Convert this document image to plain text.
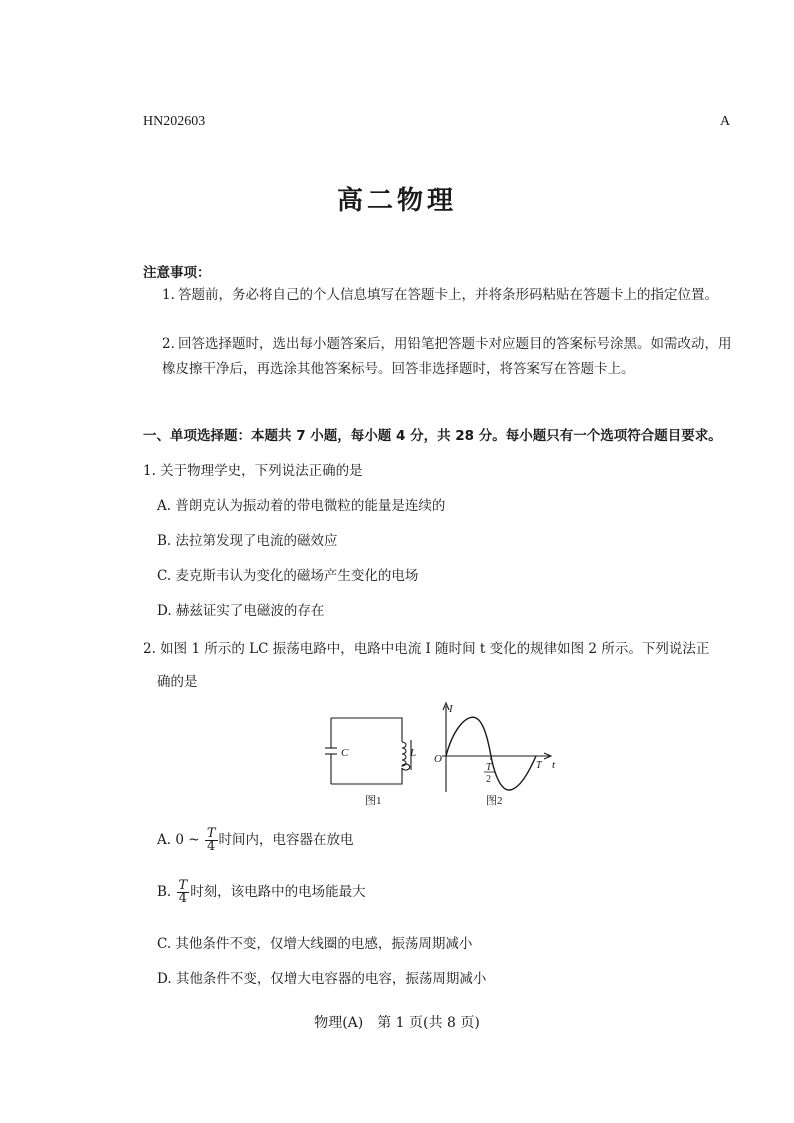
HN202603	A
高二物理
注意事项：
1. 答题前，务必将自己的个人信息填写在答题卡上，并将条形码粘贴在答题卡上的指定位置。
2. 回答选择题时，选出每小题答案后，用铅笔把答题卡对应题目的答案标号涂黑。如需改动，用橡皮擦干净后，再选涂其他答案标号。回答非选择题时，将答案写在答题卡上。
一、单项选择题：本题共 7 小题，每小题 4 分，共 28 分。每小题只有一个选项符合题目要求。
1. 关于物理学史，下列说法正确的是
A. 普朗克认为振动着的带电微粒的能量是连续的
B. 法拉第发现了电流的磁效应
C. 麦克斯韦认为变化的磁场产生变化的电场
D. 赫兹证实了电磁波的存在
2. 如图 1 所示的 LC 振荡电路中，电路中电流 I 随时间 t 变化的规律如图 2 所示。下列说法正
确的是
C	L
图1
I
O	t
T
2
T
图2
A. 0 ~ $\frac{T}{4}$ 时间内，电容器在放电
B. $\frac{T}{4}$ 时刻，该电路中的电场能最大
C. 其他条件不变，仅增大线圈的电感，振荡周期减小
D. 其他条件不变，仅增大电容器的电容，振荡周期减小
物理(A)　第 1 页(共 8 页)
